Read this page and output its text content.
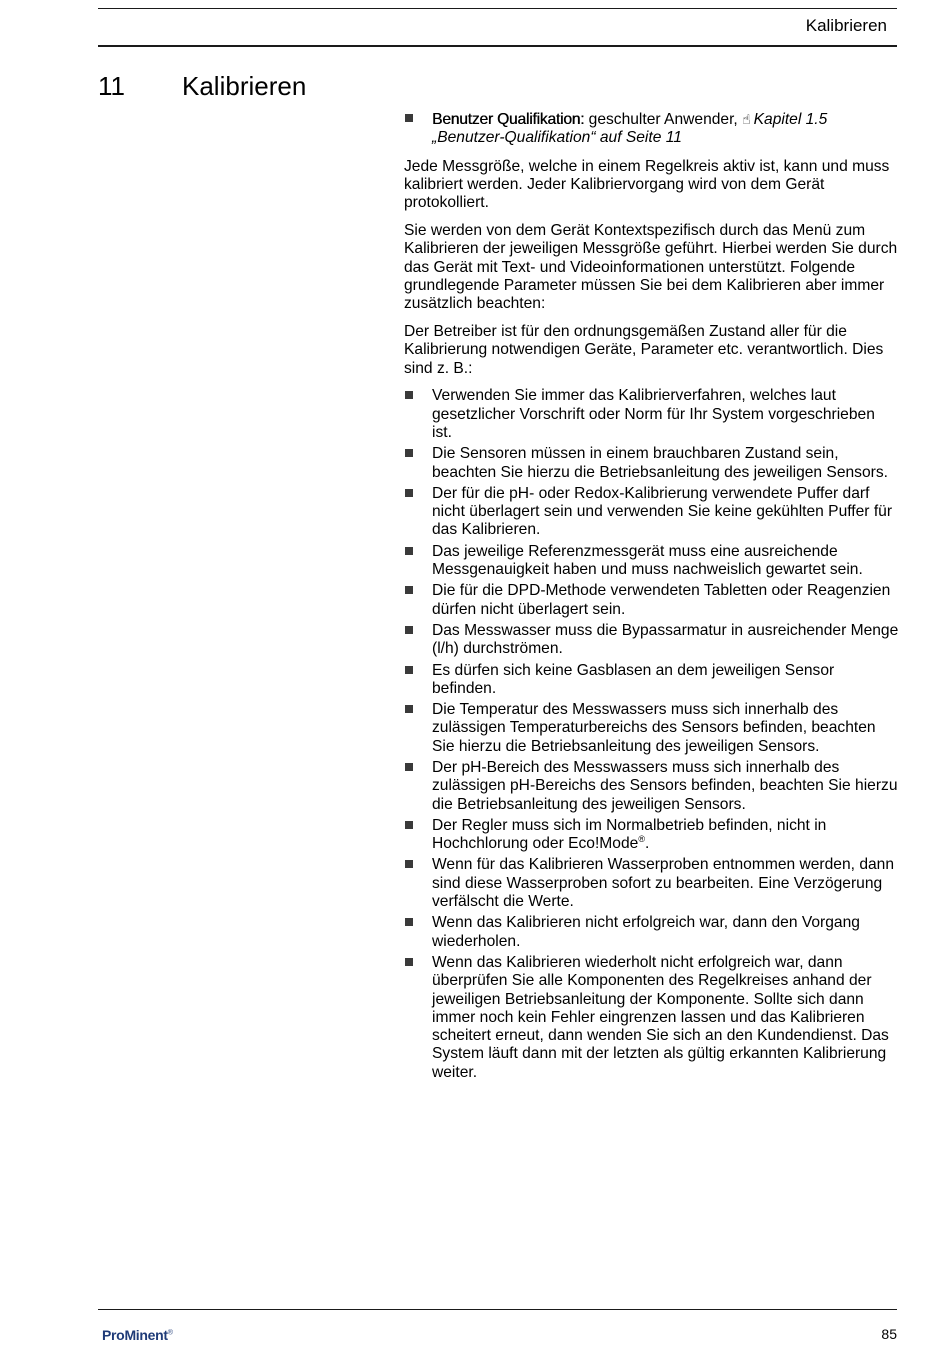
Kalibrieren
11 Kalibrieren
Benutzer Qualifikation: geschulter Anwender, ☝ Kapitel 1.5 „Benutzer-Qualifikation“ auf Seite 11

Jede Messgröße, welche in einem Regelkreis aktiv ist, kann und muss kalibriert werden. Jeder Kalibriervorgang wird von dem Gerät protokolliert.

Sie werden von dem Gerät Kontextspezifisch durch das Menü zum Kalibrieren der jeweiligen Messgröße geführt. Hierbei werden Sie durch das Gerät mit Text- und Videoinformationen unterstützt. Folgende grundlegende Parameter müssen Sie bei dem Kalibrieren aber immer zusätzlich beachten:

Der Betreiber ist für den ordnungsgemäßen Zustand aller für die Kalibrierung notwendigen Geräte, Parameter etc. verantwortlich. Dies sind z. B.:

Verwenden Sie immer das Kalibrierverfahren, welches laut gesetzlicher Vorschrift oder Norm für Ihr System vorgeschrieben ist.
Die Sensoren müssen in einem brauchbaren Zustand sein, beachten Sie hierzu die Betriebsanleitung des jeweiligen Sensors.
Der für die pH- oder Redox-Kalibrierung verwendete Puffer darf nicht überlagert sein und verwenden Sie keine gekühlten Puffer für das Kalibrieren.
Das jeweilige Referenzmessgerät muss eine ausreichende Messgenauigkeit haben und muss nachweislich gewartet sein.
Die für die DPD-Methode verwendeten Tabletten oder Reagenzien dürfen nicht überlagert sein.
Das Messwasser muss die Bypassarmatur in ausreichender Menge (l/h) durchströmen.
Es dürfen sich keine Gasblasen an dem jeweiligen Sensor befinden.
Die Temperatur des Messwassers muss sich innerhalb des zulässigen Temperaturbereichs des Sensors befinden, beachten Sie hierzu die Betriebsanleitung des jeweiligen Sensors.
Der pH-Bereich des Messwassers muss sich innerhalb des zulässigen pH-Bereichs des Sensors befinden, beachten Sie hierzu die Betriebsanleitung des jeweiligen Sensors.
Der Regler muss sich im Normalbetrieb befinden, nicht in Hochchlorung oder Eco!Mode®.
Wenn für das Kalibrieren Wasserproben entnommen werden, dann sind diese Wasserproben sofort zu bearbeiten. Eine Verzögerung verfälscht die Werte.
Wenn das Kalibrieren nicht erfolgreich war, dann den Vorgang wiederholen.
Wenn das Kalibrieren wiederholt nicht erfolgreich war, dann überprüfen Sie alle Komponenten des Regelkreises anhand der jeweiligen Betriebsanleitung der Komponente. Sollte sich dann immer noch kein Fehler eingrenzen lassen und das Kalibrieren scheitert erneut, dann wenden Sie sich an den Kundendienst. Das System läuft dann mit der letzten als gültig erkannten Kalibrierung weiter.
ProMinent®	85
